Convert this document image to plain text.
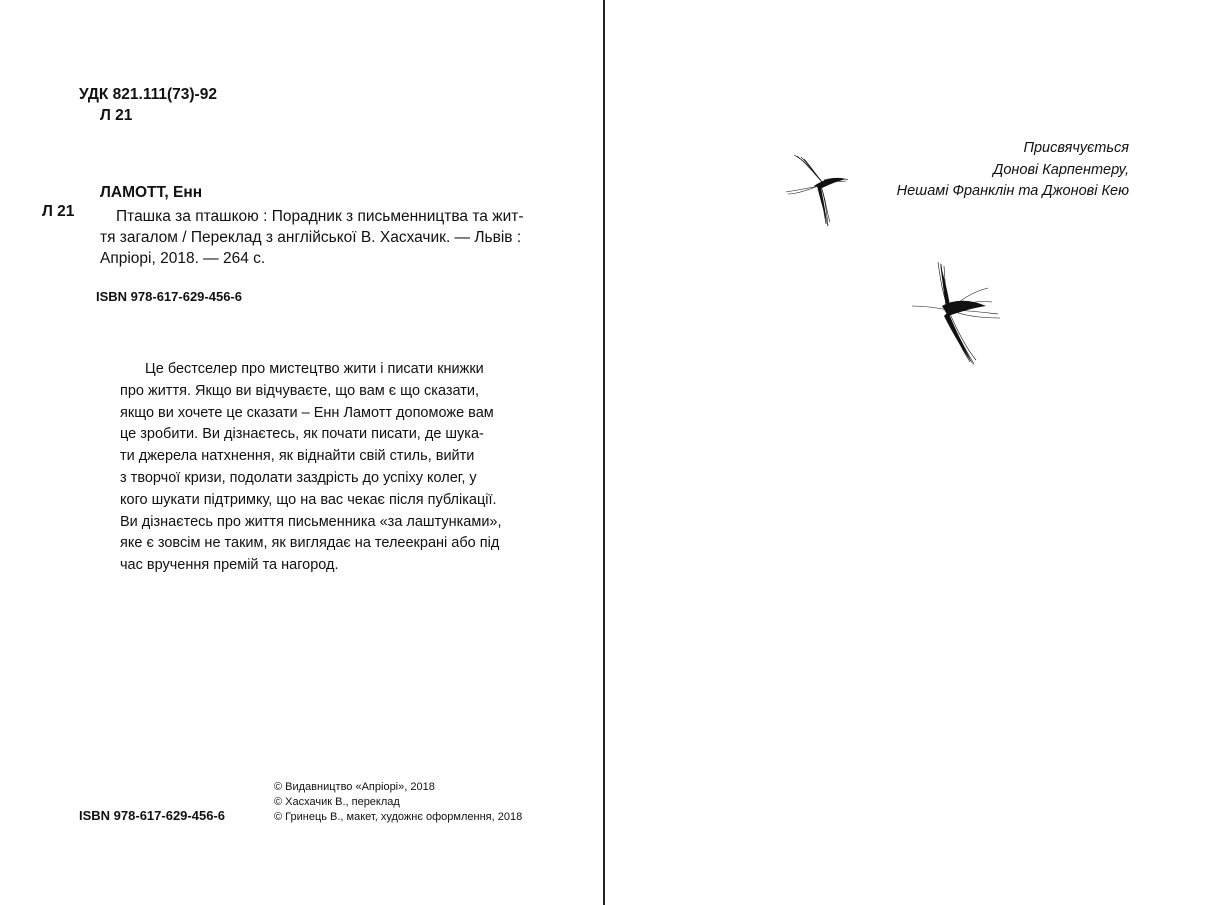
УДК 821.111(73)-92
Л 21
Л 21
ЛАМОТТ, Енн
Пташка за пташкою : Порадник з письменництва та жит-
тя загалом / Переклад з англійської В. Хасхачик. — Львів :
Апріорі, 2018. — 264 с.
ISBN 978-617-629-456-6
Це бестселер про мистецтво жити і писати книжки
про життя. Якщо ви відчуваєте, що вам є що сказати,
якщо ви хочете це сказати – Енн Ламотт допоможе вам
це зробити. Ви дізнаєтесь, як почати писати, де шука-
ти джерела натхнення, як віднайти свій стиль, вийти
з творчої кризи, подолати заздрість до успіху колег, у
кого шукати підтримку, що на вас чекає після публікації.
Ви дізнаєтесь про життя письменника «за лаштунками»,
яке є зовсім не таким, як виглядає на телеекрані або під
час вручення премій та нагород.
ISBN 978-617-629-456-6
© Видавництво «Апріорі», 2018
© Хасхачик В., переклад
© Гринець В., макет, художнє оформлення, 2018
Присвячується
Донові Карпентеру,
Нешамі Франклін та Джонові Кею
